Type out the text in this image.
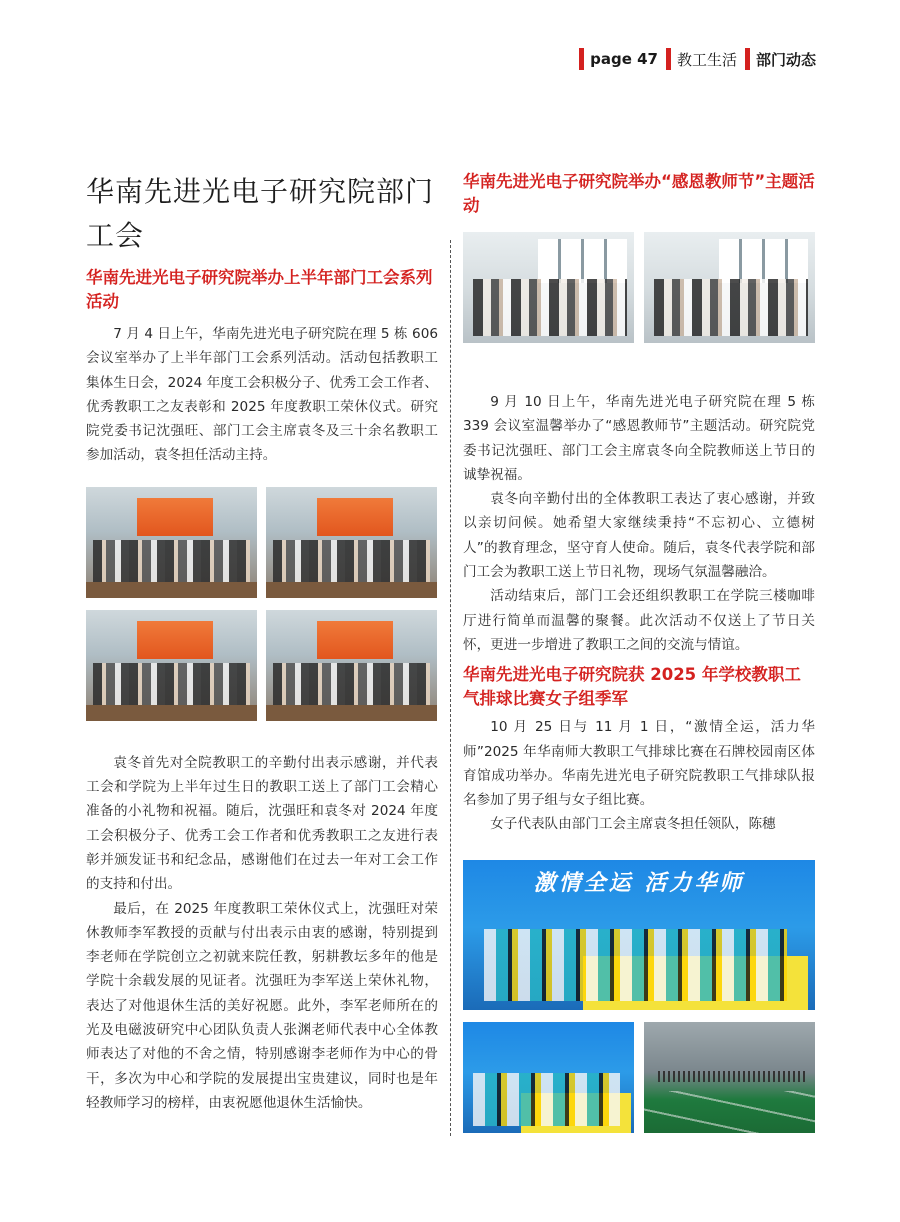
page 47 教工生活 部门动态
华南先进光电子研究院部门工会
华南先进光电子研究院举办上半年部门工会系列活动

7 月 4 日上午，华南先进光电子研究院在理 5 栋 606 会议室举办了上半年部门工会系列活动。活动包括教职工集体生日会，2024 年度工会积极分子、优秀工会工作者、优秀教职工之友表彰和 2025 年度教职工荣休仪式。研究院党委书记沈强旺、部门工会主席袁冬及三十余名教职工参加活动，袁冬担任活动主持。

袁冬首先对全院教职工的辛勤付出表示感谢，并代表工会和学院为上半年过生日的教职工送上了部门工会精心准备的小礼物和祝福。随后，沈强旺和袁冬对 2024 年度工会积极分子、优秀工会工作者和优秀教职工之友进行表彰并颁发证书和纪念品，感谢他们在过去一年对工会工作的支持和付出。

最后，在 2025 年度教职工荣休仪式上，沈强旺对荣休教师李军教授的贡献与付出表示由衷的感谢，特别提到李老师在学院创立之初就来院任教，躬耕教坛多年的他是学院十余载发展的见证者。沈强旺为李军送上荣休礼物，表达了对他退休生活的美好祝愿。此外，李军老师所在的光及电磁波研究中心团队负责人张渊老师代表中心全体教师表达了对他的不舍之情，特别感谢李老师作为中心的骨干，多次为中心和学院的发展提出宝贵建议，同时也是年轻教师学习的榜样，由衷祝愿他退休生活愉快。

华南先进光电子研究院举办“感恩教师节”主题活动

9 月 10 日上午，华南先进光电子研究院在理 5 栋 339 会议室温馨举办了“感恩教师节”主题活动。研究院党委书记沈强旺、部门工会主席袁冬向全院教师送上节日的诚挚祝福。

袁冬向辛勤付出的全体教职工表达了衷心感谢，并致以亲切问候。她希望大家继续秉持“不忘初心、立德树人”的教育理念，坚守育人使命。随后，袁冬代表学院和部门工会为教职工送上节日礼物，现场气氛温馨融洽。

活动结束后，部门工会还组织教职工在学院三楼咖啡厅进行简单而温馨的聚餐。此次活动不仅送上了节日关怀，更进一步增进了教职工之间的交流与情谊。

华南先进光电子研究院获 2025 年学校教职工气排球比赛女子组季军

10 月 25 日与 11 月 1 日，“激情全运，活力华师”2025 年华南师大教职工气排球比赛在石牌校园南区体育馆成功举办。华南先进光电子研究院教职工气排球队报名参加了男子组与女子组比赛。

女子代表队由部门工会主席袁冬担任领队，陈穗

激情全运 活力华师
